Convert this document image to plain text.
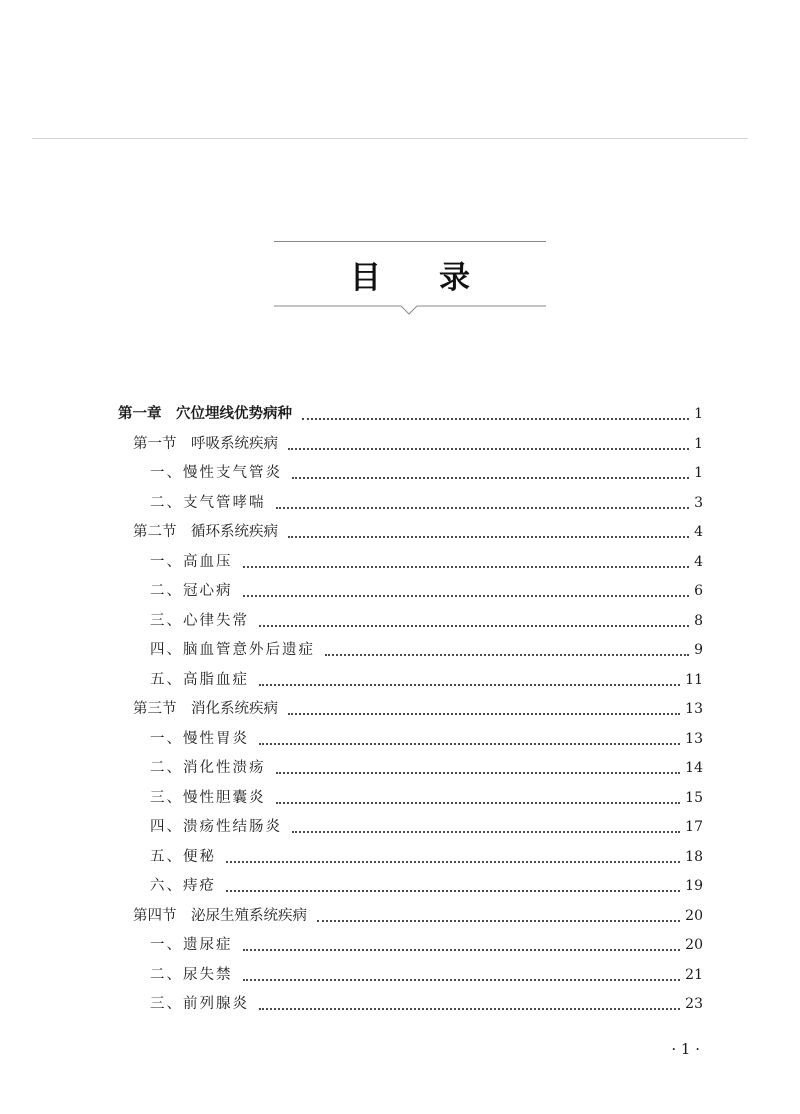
目录
第一章　穴位埋线优势病种	1
第一节　呼吸系统疾病	1
一、慢性支气管炎	1
二、支气管哮喘	3
第二节　循环系统疾病	4
一、高血压	4
二、冠心病	6
三、心律失常	8
四、脑血管意外后遗症	9
五、高脂血症	11
第三节　消化系统疾病	13
一、慢性胃炎	13
二、消化性溃疡	14
三、慢性胆囊炎	15
四、溃疡性结肠炎	17
五、便秘	18
六、痔疮	19
第四节　泌尿生殖系统疾病	20
一、遗尿症	20
二、尿失禁	21
三、前列腺炎	23
· 1 ·
